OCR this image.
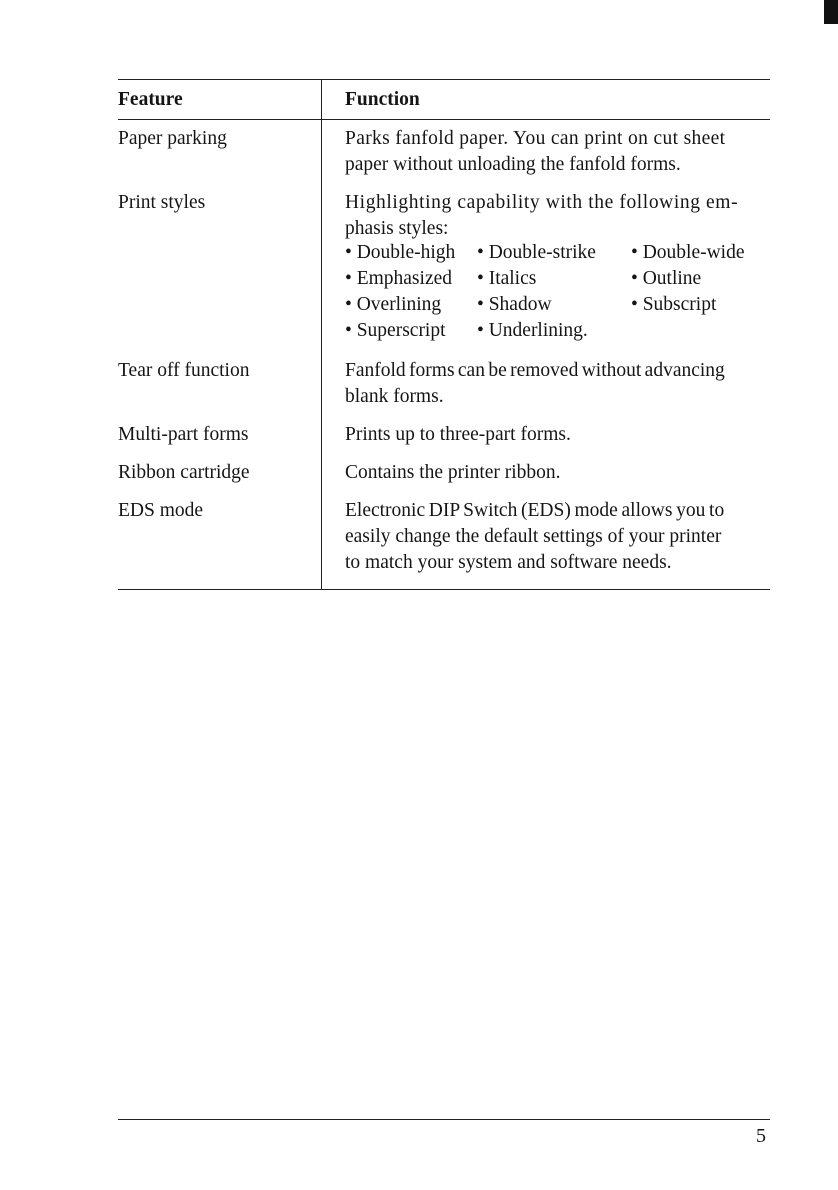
Feature	Function
Paper parking	Parks fanfold paper. You can print on cut sheet
paper without unloading the fanfold forms.
Print styles	Highlighting capability with the following em-
phasis styles:
• Double-high • Double-strike • Double-wide
• Emphasized • Italics	• Outline
• Overlining • Shadow	• Subscript
• Superscript • Underlining.
Tear off function	Fanfold forms can be removed without advancing
blank forms.
Multi-part forms	Prints up to three-part forms.
Ribbon cartridge	Contains the printer ribbon.
EDS mode	Electronic DIP Switch (EDS) mode allows you to
easily change the default settings of your printer
to match your system and software needs.
5
